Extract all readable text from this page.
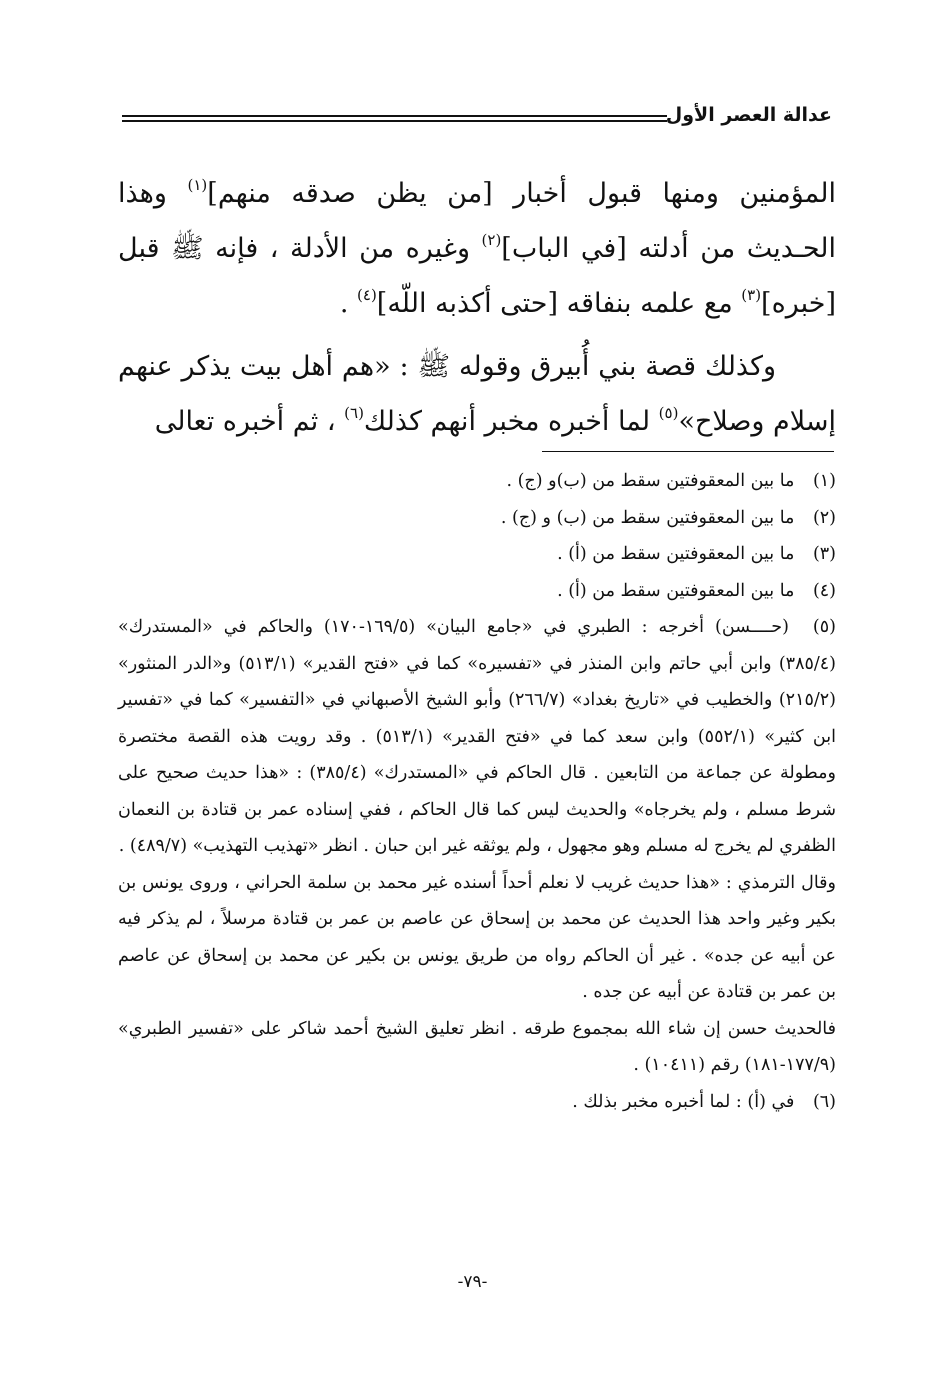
عدالة العصر الأول

المؤمنين ومنها قبول أخبار [من يظن صدقه منهم]$^{(١)}$ وهذا الحـديث من أدلته [في الباب]$^{(٢)}$ وغيره من الأدلة ، فإنه ﷺ قبل [خبره]$^{(٣)}$ مع علمه بنفاقه [حتى أكذبه اللّه]$^{(٤)}$ .

وكذلك قصة بني أُبيرق وقوله ﷺ : «هم أهل بيت يذكر عنهم إسلام وصلاح»$^{(٥)}$ لما أخبره مخبر أنهم كذلك$^{(٦)}$ ، ثم أخبره تعالى

(١) ما بين المعقوفتين سقط من (ب)و (ج) .

(٢) ما بين المعقوفتين سقط من (ب) و (ج) .

(٣) ما بين المعقوفتين سقط من (أ) .

(٤) ما بين المعقوفتين سقط من (أ) .

(٥) (حــــسن) أخرجه : الطبري في «جامع البيان» (١٦٩/٥-١٧٠) والحاكم في «المستدرك» (٣٨٥/٤) وابن أبي حاتم وابن المنذر في «تفسيره» كما في «فتح القدير» (٥١٣/١) و«الدر المنثور» (٢١٥/٢) والخطيب في «تاريخ بغداد» (٢٦٦/٧) وأبو الشيخ الأصبهاني في «التفسير» كما في «تفسير ابن كثير» (٥٥٢/١) وابن سعد كما في «فتح القدير» (٥١٣/١) . وقد رويت هذه القصة مختصرة ومطولة عن جماعة من التابعين . قال الحاكم في «المستدرك» (٣٨٥/٤) : «هذا حديث صحيح على شرط مسلم ، ولم يخرجاه» والحديث ليس كما قال الحاكم ، ففي إسناده عمر بن قتادة بن النعمان الظفري لم يخرج له مسلم وهو مجهول ، ولم يوثقه غير ابن حبان . انظر «تهذيب التهذيب» (٤٨٩/٧) .

وقال الترمذي : «هذا حديث غريب لا نعلم أحداً أسنده غير محمد بن سلمة الحراني ، وروى يونس بن بكير وغير واحد هذا الحديث عن محمد بن إسحاق عن عاصم بن عمر بن قتادة مرسلاً ، لم يذكر فيه عن أبيه عن جده» . غير أن الحاكم رواه من طريق يونس بن بكير عن محمد بن إسحاق عن عاصم بن عمر بن قتادة عن أبيه عن جده .

فالحديث حسن إن شاء الله بمجموع طرقه . انظر تعليق الشيخ أحمد شاكر على «تفسير الطبري» (١٧٧/٩-١٨١) رقم (١٠٤١١) .

(٦) في (أ) : لما أخبره مخبر بذلك .

-٧٩-
